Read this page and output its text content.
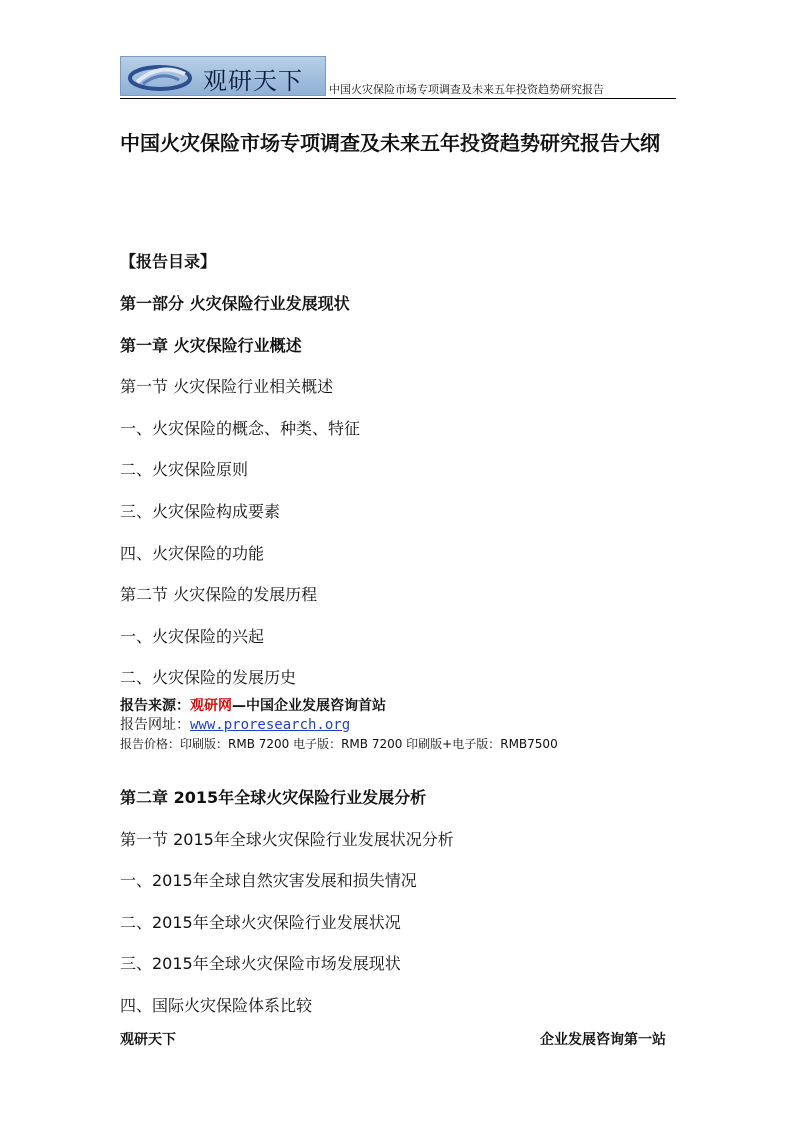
观研天下 中国火灾保险市场专项调查及未来五年投资趋势研究报告
中国火灾保险市场专项调查及未来五年投资趋势研究报告大纲
【报告目录】
第一部分 火灾保险行业发展现状
第一章 火灾保险行业概述
第一节 火灾保险行业相关概述
一、火灾保险的概念、种类、特征
二、火灾保险原则
三、火灾保险构成要素
四、火灾保险的功能
第二节 火灾保险的发展历程
一、火灾保险的兴起
二、火灾保险的发展历史
报告来源：观研网—中国企业发展咨询首站
报告网址：www.proresearch.org
报告价格：印刷版：RMB 7200 电子版：RMB 7200 印刷版+电子版：RMB7500
第二章 2015年全球火灾保险行业发展分析
第一节 2015年全球火灾保险行业发展状况分析
一、2015年全球自然灾害发展和损失情况
二、2015年全球火灾保险行业发展状况
三、2015年全球火灾保险市场发展现状
四、国际火灾保险体系比较
观研天下	企业发展咨询第一站
